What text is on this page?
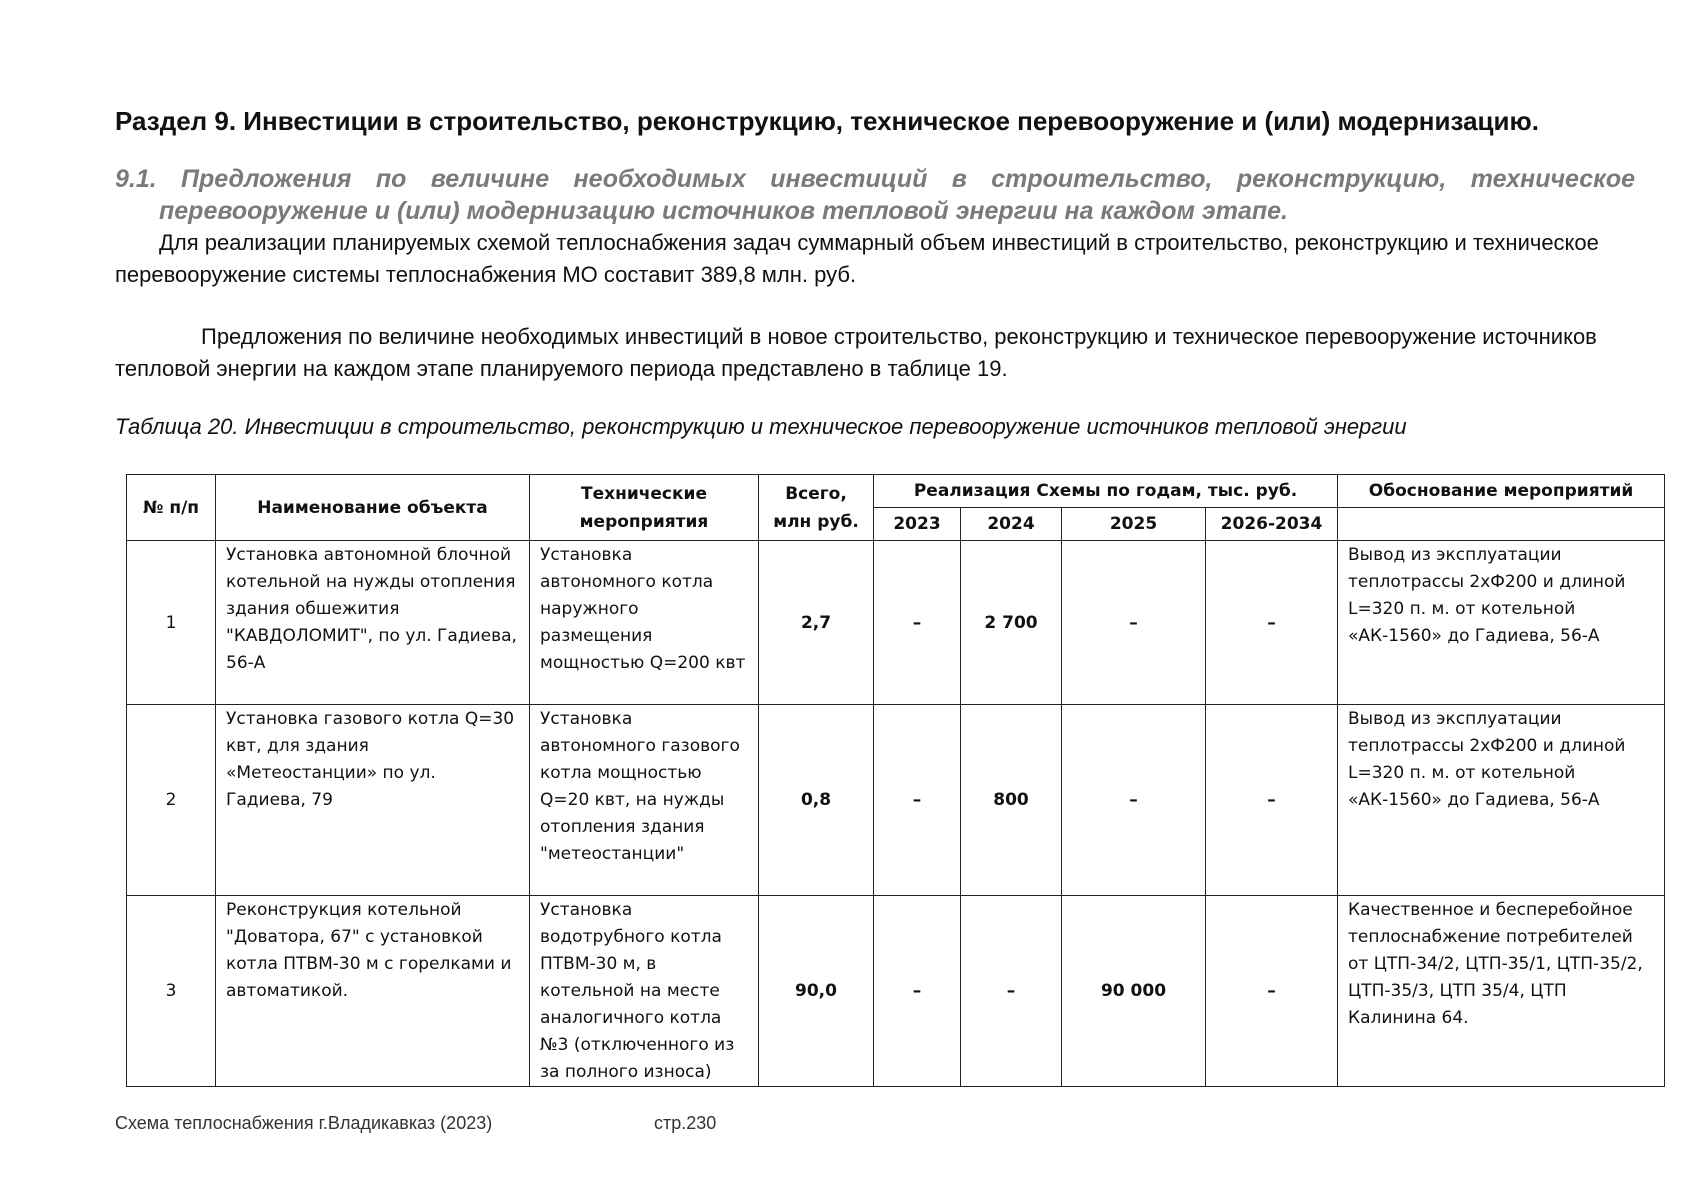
Раздел 9. Инвестиции в строительство, реконструкцию, техническое перевооружение и (или) модернизацию.

9.1. Предложения по величине необходимых инвестиций в строительство, реконструкцию, техническое перевооружение и (или) модернизацию источников тепловой энергии на каждом этапе.

Для реализации планируемых схемой теплоснабжения задач суммарный объем инвестиций в строительство, реконструкцию и техническое перевооружение системы теплоснабжения МО составит 389,8 млн. руб.

Предложения по величине необходимых инвестиций в новое строительство, реконструкцию и техническое перевооружение источников тепловой энергии на каждом этапе планируемого периода представлено в таблице 19.

Таблица 20. Инвестиции в строительство, реконструкцию и техническое перевооружение источников тепловой энергии

№ п/п	Наименование объекта	Технические мероприятия	Всего, млн руб.	Реализация Схемы по годам, тыс. руб.				Обоснование мероприятий
				2023	2024	2025	2026-2034	
1	Установка автономной блочной котельной на нужды отопления здания обшежития "КАВДОЛОМИТ", по ул. Гадиева, 56-А	Установка автономного котла наружного размещения мощностью Q=200 квт	2,7	–	2 700	–	–	Вывод из эксплуатации теплотрассы 2хФ200 и длиной L=320 п. м. от котельной «АК-1560» до Гадиева, 56-А
2	Установка газового котла Q=30 квт, для здания «Метеостанции» по ул. Гадиева, 79	Установка автономного газового котла мощностью Q=20 квт, на нужды отопления здания "метеостанции"	0,8	–	800	–	–	Вывод из эксплуатации теплотрассы 2хФ200 и длиной L=320 п. м. от котельной «АК-1560» до Гадиева, 56-А
3	Реконструкция котельной "Доватора, 67" с установкой котла ПТВМ-30 м с горелками и автоматикой.	Установка водотрубного котла ПТВМ-30 м, в котельной на месте аналогичного котла №3 (отключенного из за полного износа)	90,0	–	–	90 000	–	Качественное и бесперебойное теплоснабжение потребителей от ЦТП-34/2, ЦТП-35/1, ЦТП-35/2, ЦТП-35/3, ЦТП 35/4, ЦТП Калинина 64.
Схема теплоснабжения г.Владикавказ (2023)	стр.230
